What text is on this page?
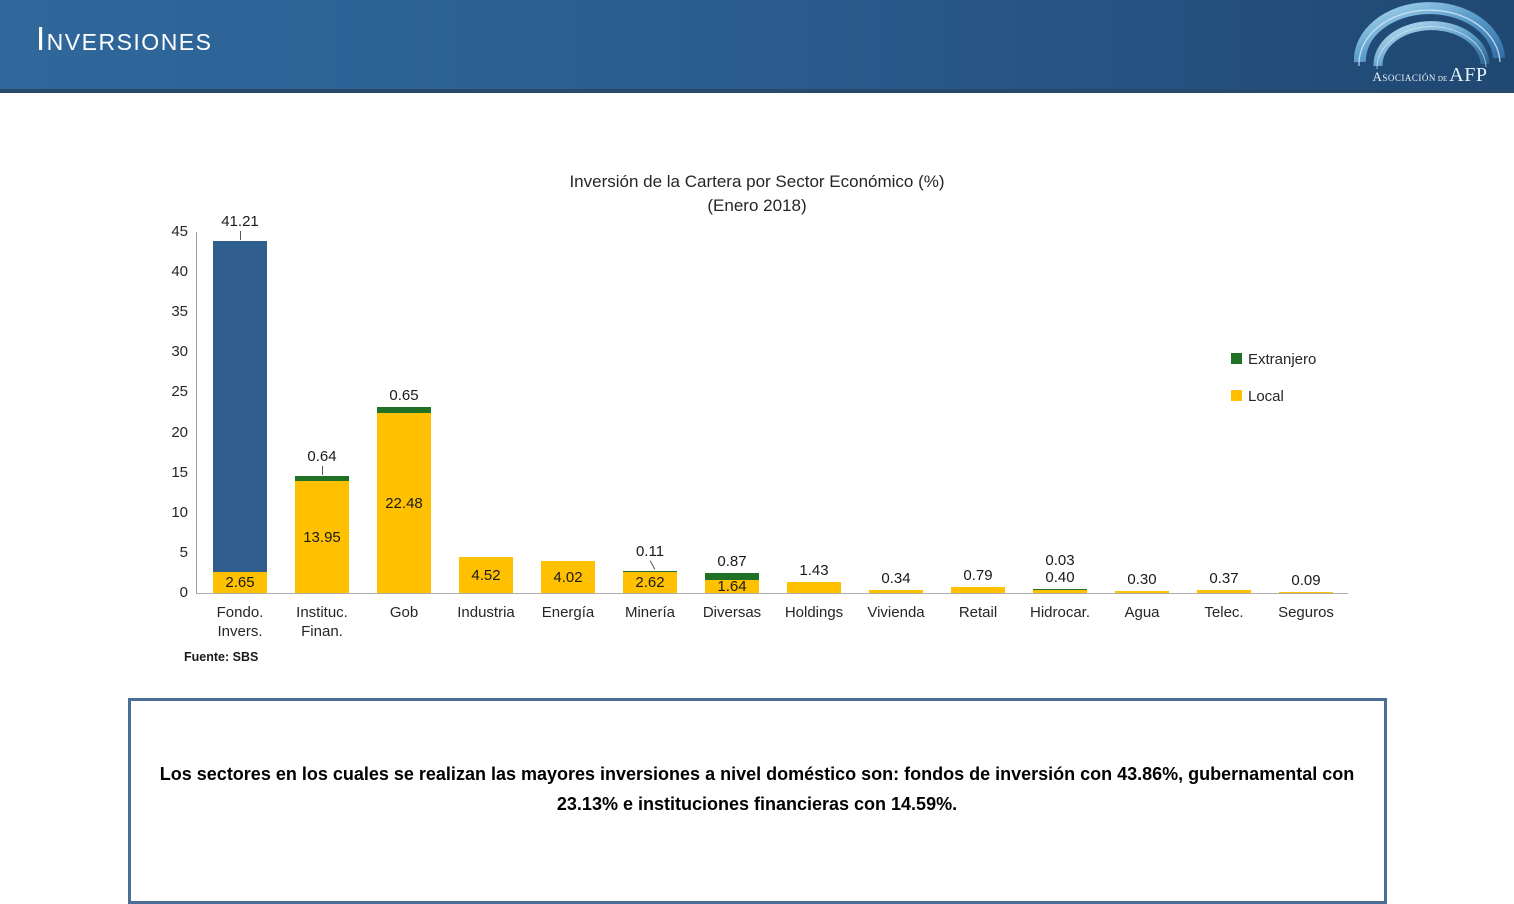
Inversiones
Asociación de AFP
Inversión de la Cartera por Sector Económico (%)
(Enero 2018)
0
5
10
15
20
25
30
35
40
45
2.65
41.21
Fondo.
Invers.
13.95
0.64
Instituc.
Finan.
22.48
0.65
Gob
4.52
Industria
4.02
Energía
2.62
0.11
Minería
1.64
0.87
Diversas
1.43
Holdings
0.34
Vivienda
0.79
Retail
0.40
0.03
Hidrocar.
0.30
Agua
0.37
Telec.
0.09
Seguros
Extranjero
Local
Fuente: SBS
Los sectores en los cuales se realizan las mayores inversiones a nivel doméstico son: fondos de inversión con 43.86%, gubernamental con
23.13% e instituciones financieras con 14.59%.
